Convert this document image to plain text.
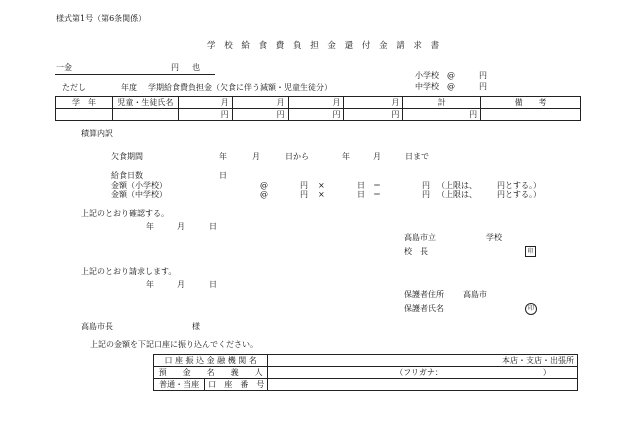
様式第1号（第6条関係）
学 校 給 食 費 負 担 金 還 付 金 請 求 書
一金	円 也
小学校 @	円
中学校 @	円
ただし	年度 学期給食費負担金（欠食に伴う減額・児童生徒分）
学　年	児童・生徒氏名	月	月	月	月	計	備　　考
		円	円	円	円	円	
積算内訳
欠食期間	年	月	日から	年	月	日まで
給食日数	日
金額（小学校）	@	円 ×	日 ＝	円 （上限は、	円とする。）
金額（中学校）	@	円 ×	日 ＝	円 （上限は、	円とする。）
上記のとおり確認する。
年	月	日
高島市立	学校
校　長	印
上記のとおり請求します。
年	月	日
保護者住所 高島市
保護者氏名	印
高島市長	様
上記の金額を下記口座に振り込んでください。
口 座 振 込 金 融 機 関 名		本店・支店・出張所
預　　金　　名　　義　　人		（フリガナ： ）
普通・当座	口　座　番　号	
